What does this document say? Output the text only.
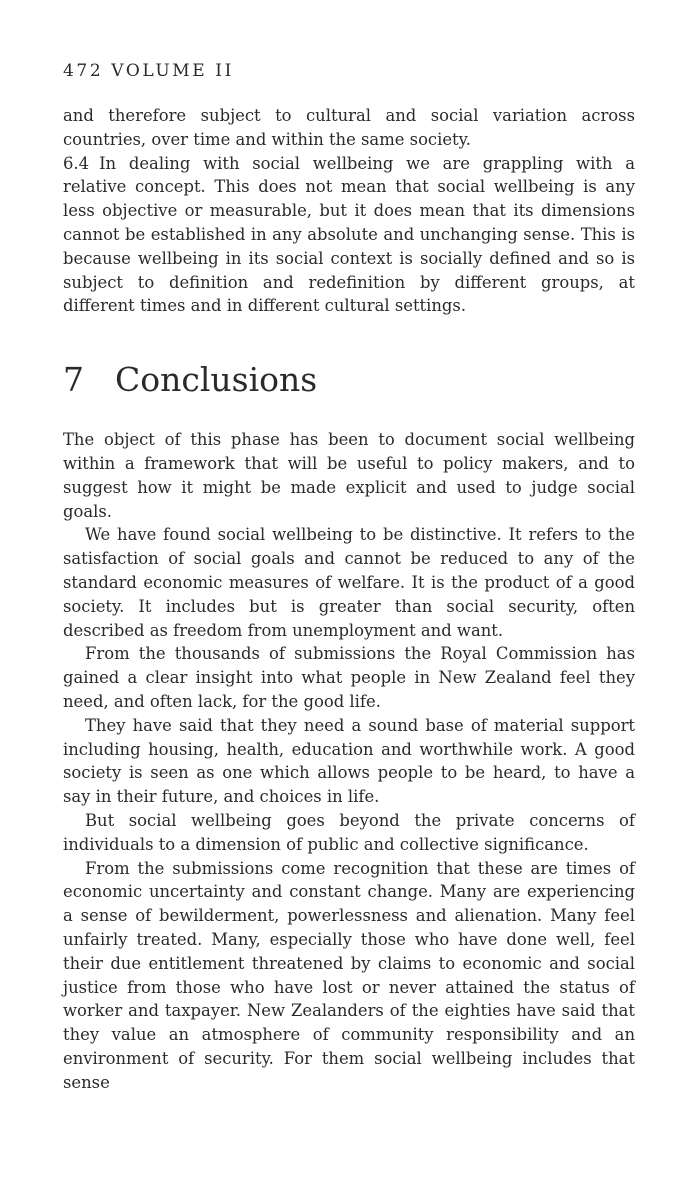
472 VOLUME II

and therefore subject to cultural and social variation across countries, over time and within the same society.

6.4 In dealing with social wellbeing we are grappling with a relative concept. This does not mean that social wellbeing is any less objective or measurable, but it does mean that its dimensions cannot be established in any absolute and unchanging sense. This is because wellbeing in its social context is socially defined and so is subject to definition and redefinition by different groups, at different times and in different cultural settings.

7 Conclusions

The object of this phase has been to document social wellbeing within a framework that will be useful to policy makers, and to suggest how it might be made explicit and used to judge social goals.

We have found social wellbeing to be distinctive. It refers to the satisfaction of social goals and cannot be reduced to any of the standard economic measures of welfare. It is the product of a good society. It includes but is greater than social security, often described as freedom from unemployment and want.

From the thousands of submissions the Royal Commission has gained a clear insight into what people in New Zealand feel they need, and often lack, for the good life.

They have said that they need a sound base of material support including housing, health, education and worthwhile work. A good society is seen as one which allows people to be heard, to have a say in their future, and choices in life.

But social wellbeing goes beyond the private concerns of individuals to a dimension of public and collective significance.

From the submissions come recognition that these are times of economic uncertainty and constant change. Many are experiencing a sense of bewilderment, powerlessness and alienation. Many feel unfairly treated. Many, especially those who have done well, feel their due entitlement threatened by claims to economic and social justice from those who have lost or never attained the status of worker and taxpayer. New Zealanders of the eighties have said that they value an atmosphere of community responsibility and an environment of security. For them social wellbeing includes that sense
